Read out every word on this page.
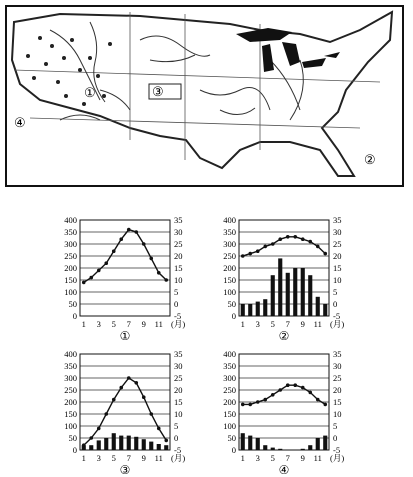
①	③
④
②
400	35
350	30
300	25
250	20
200	15
150	10
100	5
50	0
0	-5
1 3 5 7 9 11 (月)
①
400	35
350	30
300	25
250	20
200	15
150	10
100	5
50	0
0	-5
1 3 5 7 9 11 (月)
②
400	35
350	30
300	25
250	20
200	15
150	10
100	5
50	0
0	-5
1 3 5 7 9 11 (月)
③
400	35
350	30
300	25
250	20
200	15
150	10
100	5
50	0
0	-5
1 3 5 7 9 11 (月)
④
